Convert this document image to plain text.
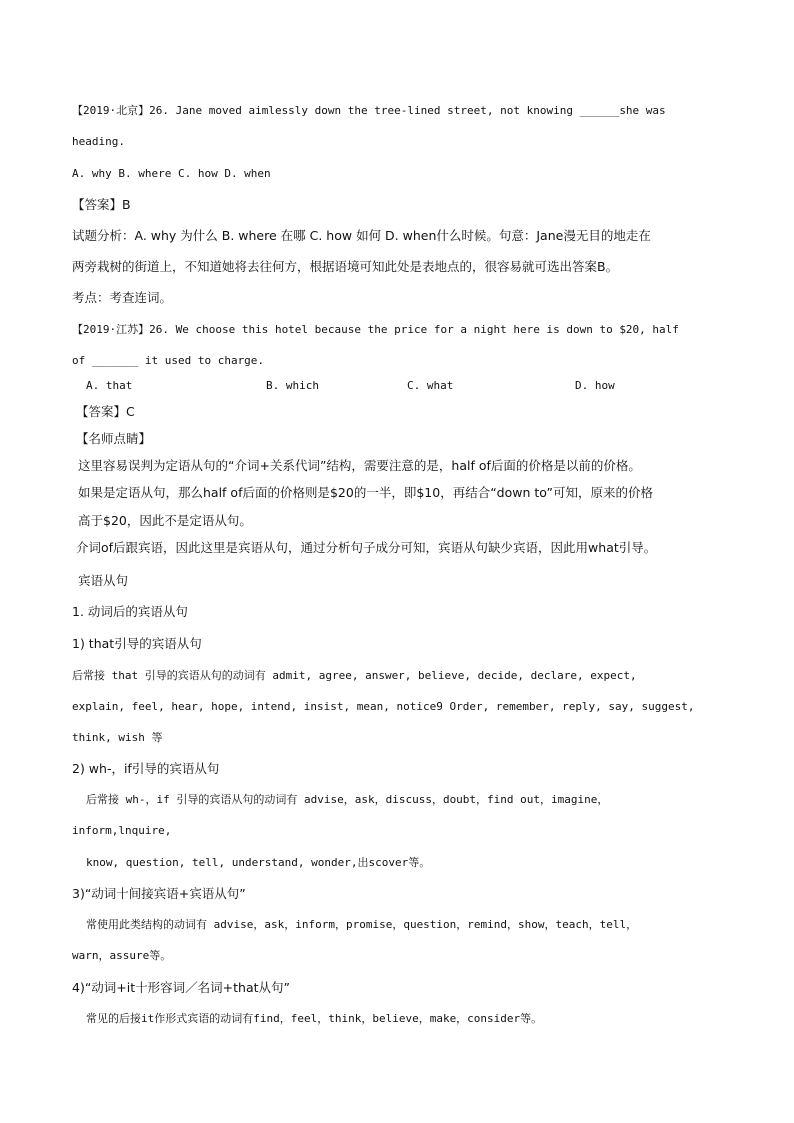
【2019·北京】26. Jane moved aimlessly down the tree-lined street, not knowing ______she was
heading.
A. why B. where C. how D. when
【答案】B
试题分析：A. why 为什么 B. where 在哪 C. how 如何 D. when什么时候。句意：Jane漫无目的地走在
两旁栽树的街道上，不知道她将去往何方，根据语境可知此处是表地点的，很容易就可选出答案B。
考点：考查连词。
【2019·江苏】26. We choose this hotel because the price for a night here is down to $20, half
of _______ it used to charge.
A. that	B. which	C. what	D. how
【答案】C
【名师点睛】
这里容易误判为定语从句的“介词+关系代词”结构，需要注意的是，half of后面的价格是以前的价格。
如果是定语从句，那么half of后面的价格则是$20的一半，即$10，再结合“down to”可知，原来的价格
高于$20，因此不是定语从句。
介词of后跟宾语，因此这里是宾语从句，通过分析句子成分可知，宾语从句缺少宾语，因此用what引导。
宾语从句
1. 动词后的宾语从句
1) that引导的宾语从句
后常接 that 引导的宾语从句的动词有 admit, agree, answer, believe, decide, declare, expect,
explain, feel, hear, hope, intend, insist, mean, notice9 Order, remember, reply, say, suggest,
think, wish 等
2) wh-，if引导的宾语从句
后常接 wh-，if 引导的宾语从句的动词有 advise，ask，discuss，doubt，find out，imagine，
inform,lnquire,
know, question, tell, understand, wonder,出scover等。
3)“动词十间接宾语+宾语从句”
常使用此类结构的动词有 advise，ask，inform，promise，question，remind，show，teach，tell，
warn，assure等。
4)“动词+it十形容词／名词+that从句”
常见的后接it作形式宾语的动词有find，feel，think，believe，make，consider等。
